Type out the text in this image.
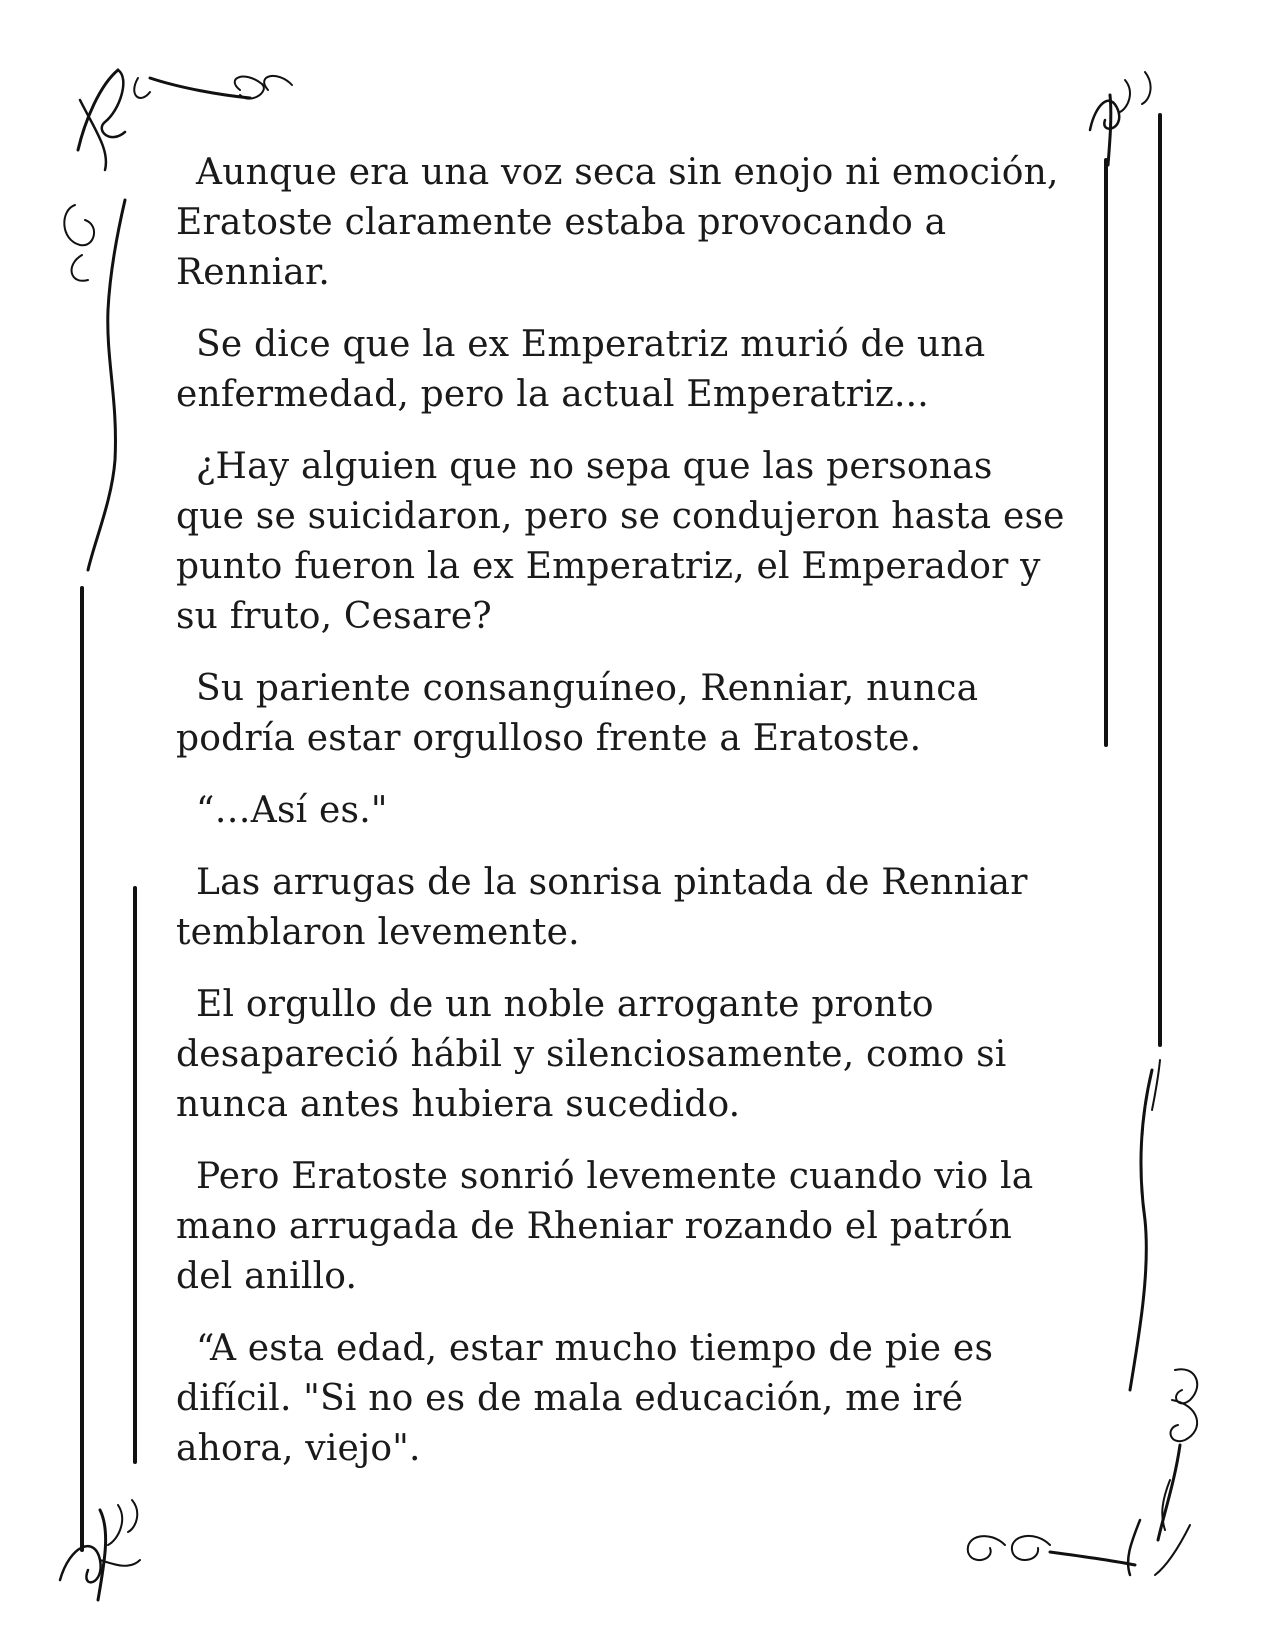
Aunque era una voz seca sin enojo ni emoción,
Eratoste claramente estaba provocando a
Renniar.

Se dice que la ex Emperatriz murió de una
enfermedad, pero la actual Emperatriz...

¿Hay alguien que no sepa que las personas
que se suicidaron, pero se condujeron hasta ese
punto fueron la ex Emperatriz, el Emperador y
su fruto, Cesare?

Su pariente consanguíneo, Renniar, nunca
podría estar orgulloso frente a Eratoste.

“…Así es."

Las arrugas de la sonrisa pintada de Renniar
temblaron levemente.

El orgullo de un noble arrogante pronto
desapareció hábil y silenciosamente, como si
nunca antes hubiera sucedido.

Pero Eratoste sonrió levemente cuando vio la
mano arrugada de Rheniar rozando el patrón
del anillo.

“A esta edad, estar mucho tiempo de pie es
difícil. "Si no es de mala educación, me iré
ahora, viejo".
